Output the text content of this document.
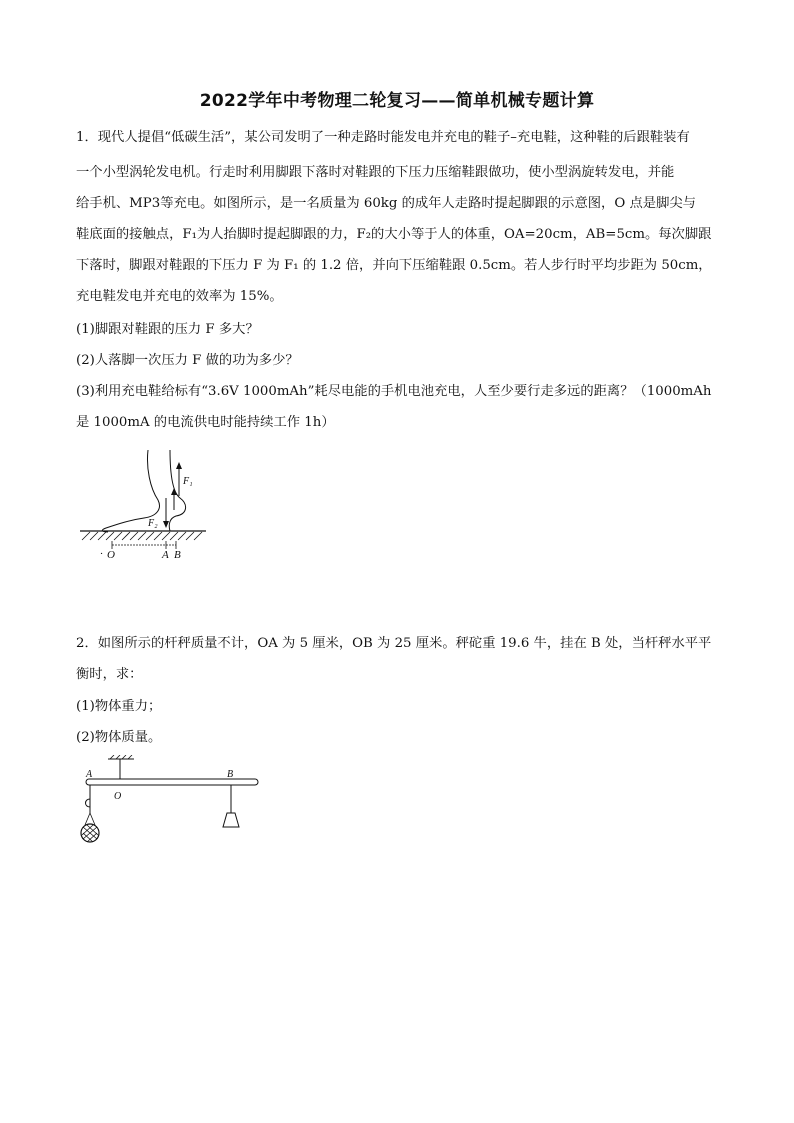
2022学年中考物理二轮复习——简单机械专题计算
1．现代人提倡“低碳生活”，某公司发明了一种走路时能发电并充电的鞋子–充电鞋，这种鞋的后跟鞋装有
一个小型涡轮发电机。行走时利用脚跟下落时对鞋跟的下压力压缩鞋跟做功，使小型涡旋转发电，并能
给手机、MP3等充电。如图所示，是一名质量为 60kg 的成年人走路时提起脚跟的示意图，O 点是脚尖与
鞋底面的接触点，F₁为人抬脚时提起脚跟的力，F₂的大小等于人的体重，OA=20cm，AB=5cm。每次脚跟
下落时，脚跟对鞋跟的下压力 F 为 F₁ 的 1.2 倍，并向下压缩鞋跟 0.5cm。若人步行时平均步距为 50cm，
充电鞋发电并充电的效率为 15%。
(1)脚跟对鞋跟的压力 F 多大？
(2)人落脚一次压力 F 做的功为多少？
(3)利用充电鞋给标有“3.6V 1000mAh”耗尽电能的手机电池充电，人至少要行走多远的距离？（1000mAh
是 1000mA 的电流供电时能持续工作 1h）
F₁
F₂
· O	A B
2．如图所示的杆秤质量不计，OA 为 5 厘米，OB 为 25 厘米。秤砣重 19.6 牛，挂在 B 处，当杆秤水平平
衡时，求：
(1)物体重力；
(2)物体质量。
A
O
B
